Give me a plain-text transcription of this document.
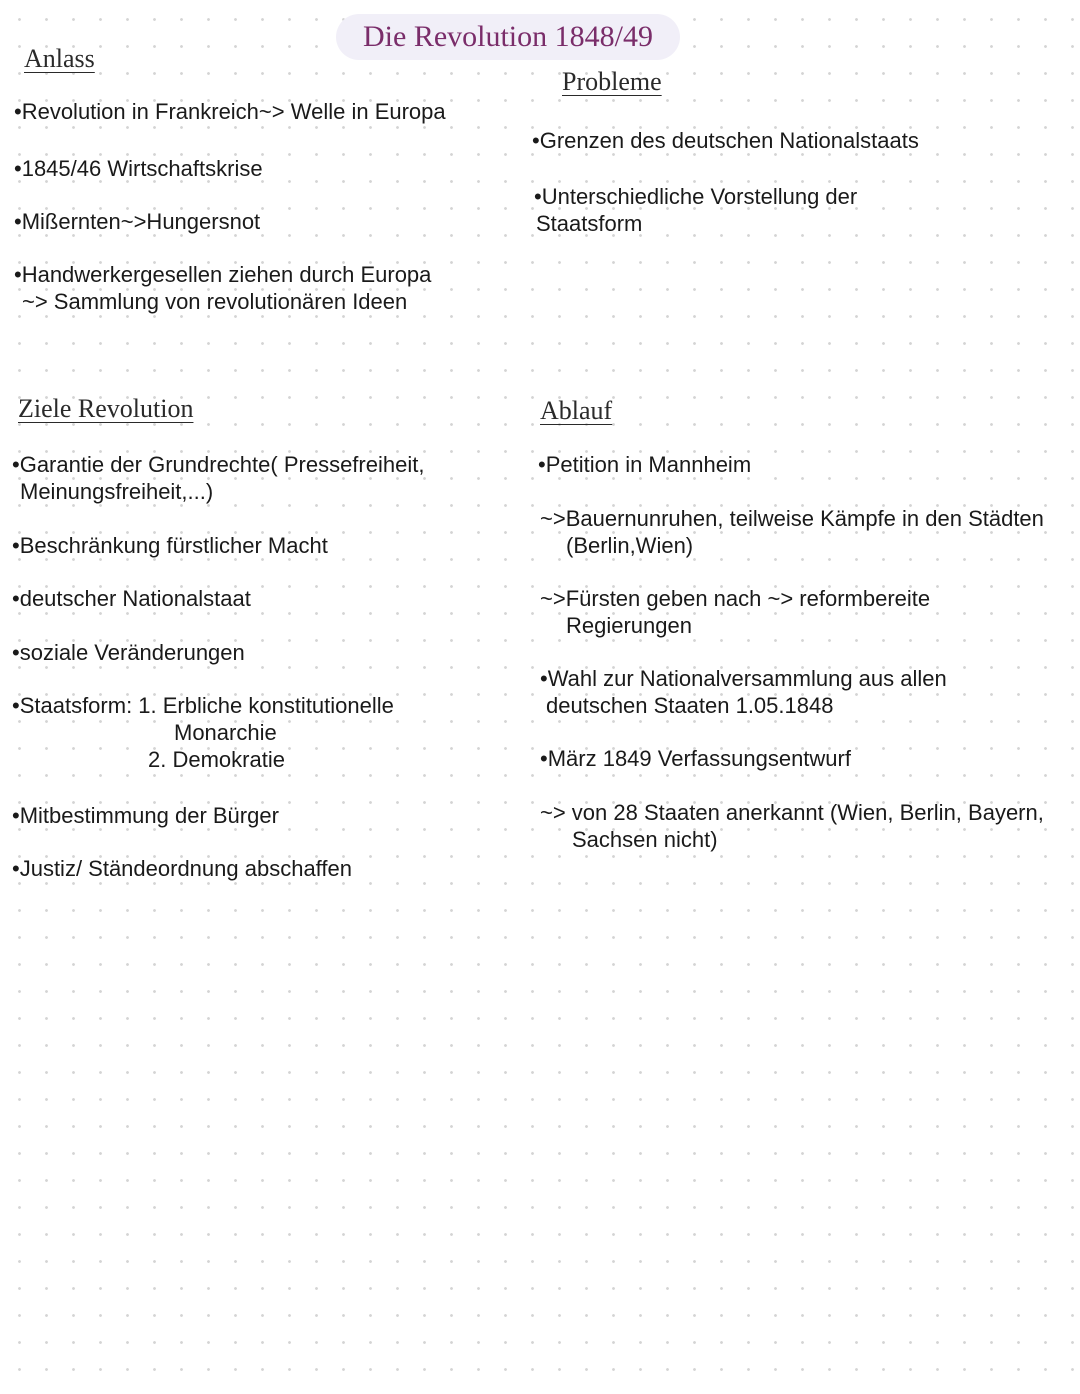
Die Revolution 1848/49
Anlass
•Revolution in Frankreich~> Welle in Europa
•1845/46 Wirtschaftskrise
•Mißernten~>Hungersnot
•Handwerkergesellen ziehen durch Europa
~> Sammlung von revolutionären Ideen
Probleme
•Grenzen des deutschen Nationalstaats
•Unterschiedliche Vorstellung der
Staatsform
Ziele Revolution
•Garantie der Grundrechte( Pressefreiheit,
Meinungsfreiheit,...)
•Beschränkung fürstlicher Macht
•deutscher Nationalstaat
•soziale Veränderungen
•Staatsform: 1. Erbliche konstitutionelle
Monarchie
2. Demokratie
•Mitbestimmung der Bürger
•Justiz/ Ständeordnung abschaffen
Ablauf
•Petition in Mannheim
~>Bauernunruhen, teilweise Kämpfe in den Städten
(Berlin,Wien)
~>Fürsten geben nach ~> reformbereite
Regierungen
•Wahl zur Nationalversammlung aus allen
deutschen Staaten 1.05.1848
•März 1849 Verfassungsentwurf
~> von 28 Staaten anerkannt (Wien, Berlin, Bayern,
Sachsen nicht)
